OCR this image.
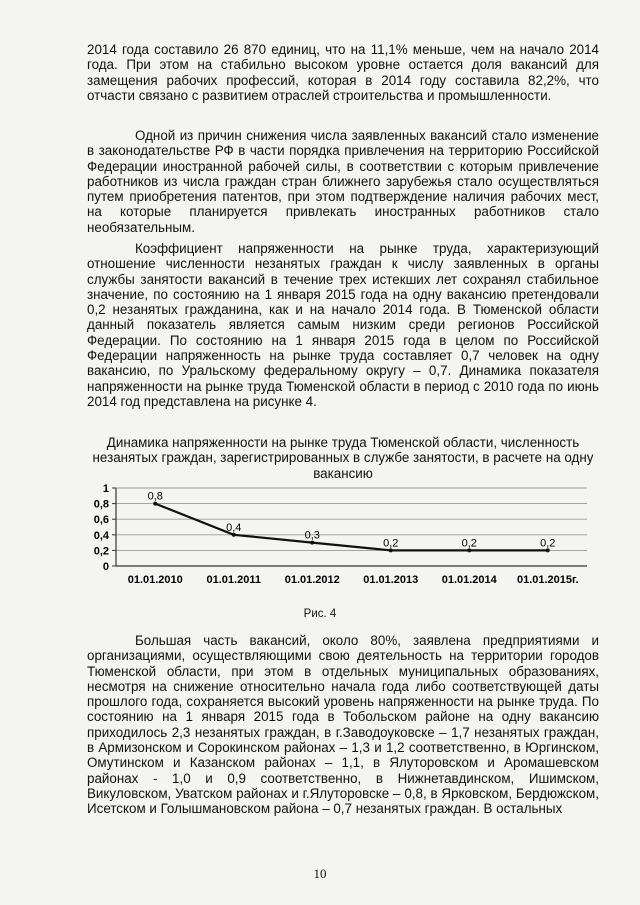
2014 года составило 26 870 единиц, что на 11,1% меньше, чем на начало 2014 года. При этом на стабильно высоком уровне остается доля вакансий для замещения рабочих профессий, которая в 2014 году составила 82,2%, что отчасти связано с развитием отраслей строительства и промышленности.

Одной из причин снижения числа заявленных вакансий стало изменение в законодательстве РФ в части порядка привлечения на территорию Российской Федерации иностранной рабочей силы, в соответствии с которым привлечение работников из числа граждан стран ближнего зарубежья стало осуществляться путем приобретения патентов, при этом подтверждение наличия рабочих мест, на которые планируется привлекать иностранных работников стало необязательным.

Коэффициент напряженности на рынке труда, характеризующий отношение численности незанятых граждан к числу заявленных в органы службы занятости вакансий в течение трех истекших лет сохранял стабильное значение, по состоянию на 1 января 2015 года на одну вакансию претендовали 0,2 незанятых гражданина, как и на начало 2014 года. В Тюменской области данный показатель является самым низким среди регионов Российской Федерации. По состоянию на 1 января 2015 года в целом по Российской Федерации напряженность на рынке труда составляет 0,7 человек на одну вакансию, по Уральскому федеральному округу – 0,7. Динамика показателя напряженности на рынке труда Тюменской области в период с 2010 года по июнь 2014 год представлена на рисунке 4.

Динамика напряженности на рынке труда Тюменской области, численность незанятых граждан, зарегистрированных в службе занятости, в расчете на одну вакансию

0
0,2
0,4
0,6
0,8
1
01.01.2010 01.01.2011 01.01.2012 01.01.2013 01.01.2014 01.01.2015г.
0,8
0,4
0,3
0,2	0,2	0,2
Рис. 4

Большая часть вакансий, около 80%, заявлена предприятиями и организациями, осуществляющими свою деятельность на территории городов Тюменской области, при этом в отдельных муниципальных образованиях, несмотря на снижение относительно начала года либо соответствующей даты прошлого года, сохраняется высокий уровень напряженности на рынке труда. По состоянию на 1 января 2015 года в Тобольском районе на одну вакансию приходилось 2,3 незанятых граждан, в г.Заводоуковске – 1,7 незанятых граждан, в Армизонском и Сорокинском районах – 1,3 и 1,2 соответственно, в Юргинском, Омутинском и Казанском районах – 1,1, в Ялуторовском и Аромашевском районах - 1,0 и 0,9 соответственно, в Нижнетавдинском, Ишимском, Викуловском, Уватском районах и г.Ялуторовске – 0,8, в Ярковском, Бердюжском, Исетском и Голышмановском района – 0,7 незанятых граждан. В остальных

10
